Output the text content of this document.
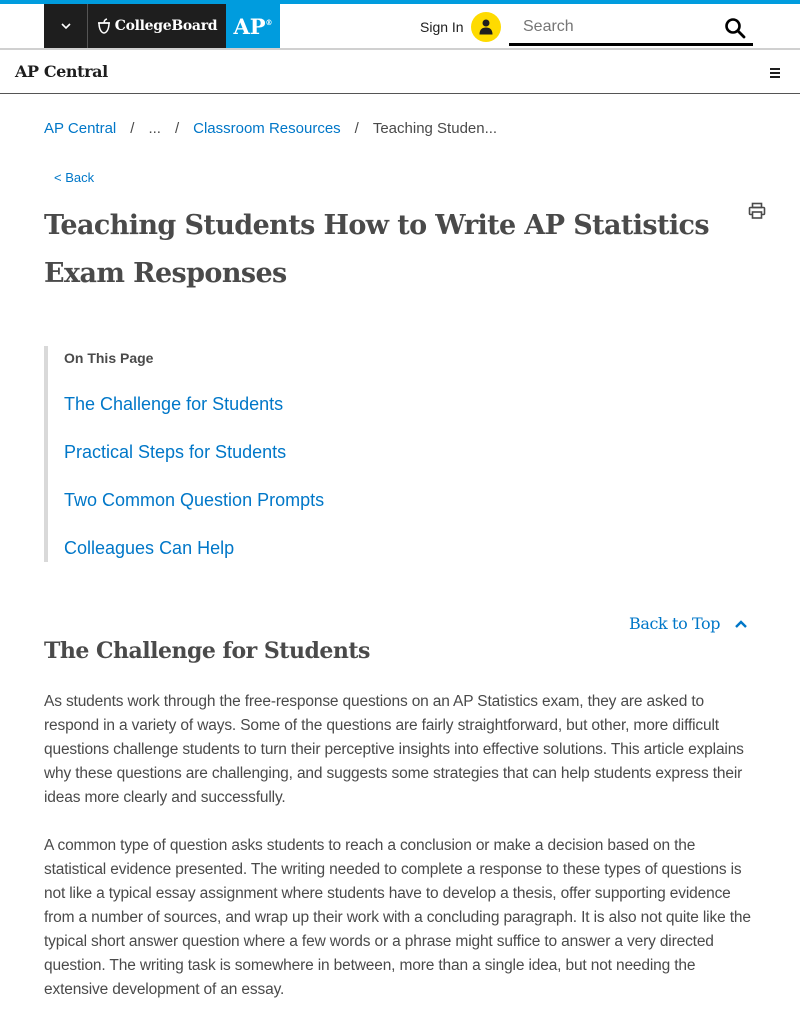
CollegeBoard AP®	Sign In
Search
AP Central
AP Central / ... / Classroom Resources / Teaching Studen...
< Back
Teaching Students How to Write AP Statistics Exam Responses
On This Page
The Challenge for Students
Practical Steps for Students
Two Common Question Prompts
Colleagues Can Help
Back to Top
The Challenge for Students

As students work through the free-response questions on an AP Statistics exam, they are asked to respond in a variety of ways. Some of the questions are fairly straightforward, but other, more difficult questions challenge students to turn their perceptive insights into effective solutions. This article explains why these questions are challenging, and suggests some strategies that can help students express their ideas more clearly and successfully.

A common type of question asks students to reach a conclusion or make a decision based on the statistical evidence presented. The writing needed to complete a response to these types of questions is not like a typical essay assignment where students have to develop a thesis, offer supporting evidence from a number of sources, and wrap up their work with a concluding paragraph. It is also not quite like the typical short answer question where a few words or a phrase might suffice to answer a very directed question. The writing task is somewhere in between, more than a single idea, but not needing the extensive development of an essay.
